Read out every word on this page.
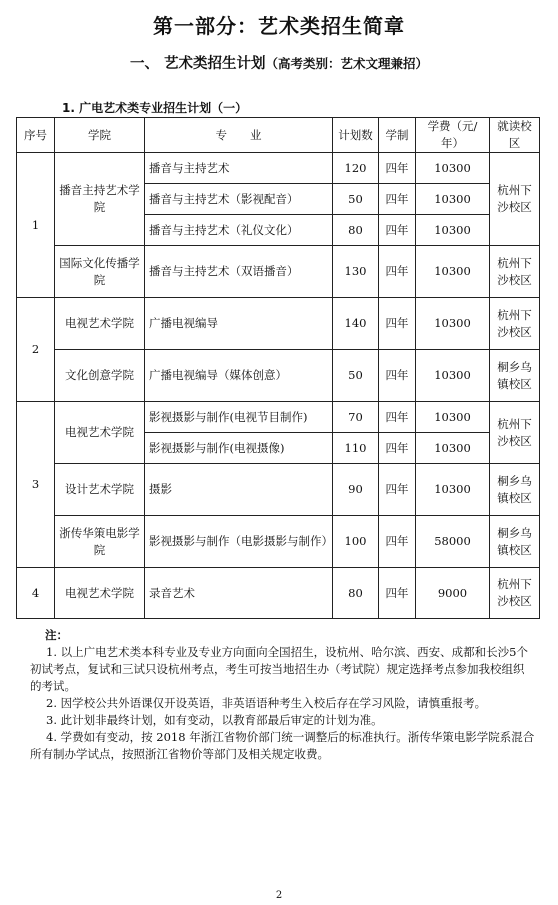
第一部分：艺术类招生简章
一、 艺术类招生计划（高考类别：艺术文理兼招）
1. 广电艺术类专业招生计划（一）
序号	学院	专　　业	计划数	学制	学费（元/年）	就读校区
1	播音主持艺术学院	播音与主持艺术	120	四年	10300	杭州下沙校区
		播音与主持艺术（影视配音）	50	四年	10300	
		播音与主持艺术（礼仪文化）	80	四年	10300	
	国际文化传播学院	播音与主持艺术（双语播音）	130	四年	10300	杭州下沙校区
2	电视艺术学院	广播电视编导	140	四年	10300	杭州下沙校区
	文化创意学院	广播电视编导（媒体创意）	50	四年	10300	桐乡乌镇校区
3	电视艺术学院	影视摄影与制作(电视节目制作)	70	四年	10300	杭州下沙校区
		影视摄影与制作(电视摄像)	110	四年	10300	
	设计艺术学院	摄影	90	四年	10300	桐乡乌镇校区
	浙传华策电影学院	影视摄影与制作（电影摄影与制作）	100	四年	58000	桐乡乌镇校区
4	电视艺术学院	录音艺术	80	四年	9000	杭州下沙校区
注：

1. 以上广电艺术类本科专业及专业方向面向全国招生，设杭州、哈尔滨、西安、成都和长沙5个初试考点，复试和三试只设杭州考点，考生可按当地招生办（考试院）规定选择考点参加我校组织的考试。

2. 因学校公共外语课仅开设英语，非英语语种考生入校后存在学习风险，请慎重报考。

3. 此计划非最终计划，如有变动，以教育部最后审定的计划为准。

4. 学费如有变动，按 2018 年浙江省物价部门统一调整后的标准执行。浙传华策电影学院系混合所有制办学试点，按照浙江省物价等部门及相关规定收费。

2
